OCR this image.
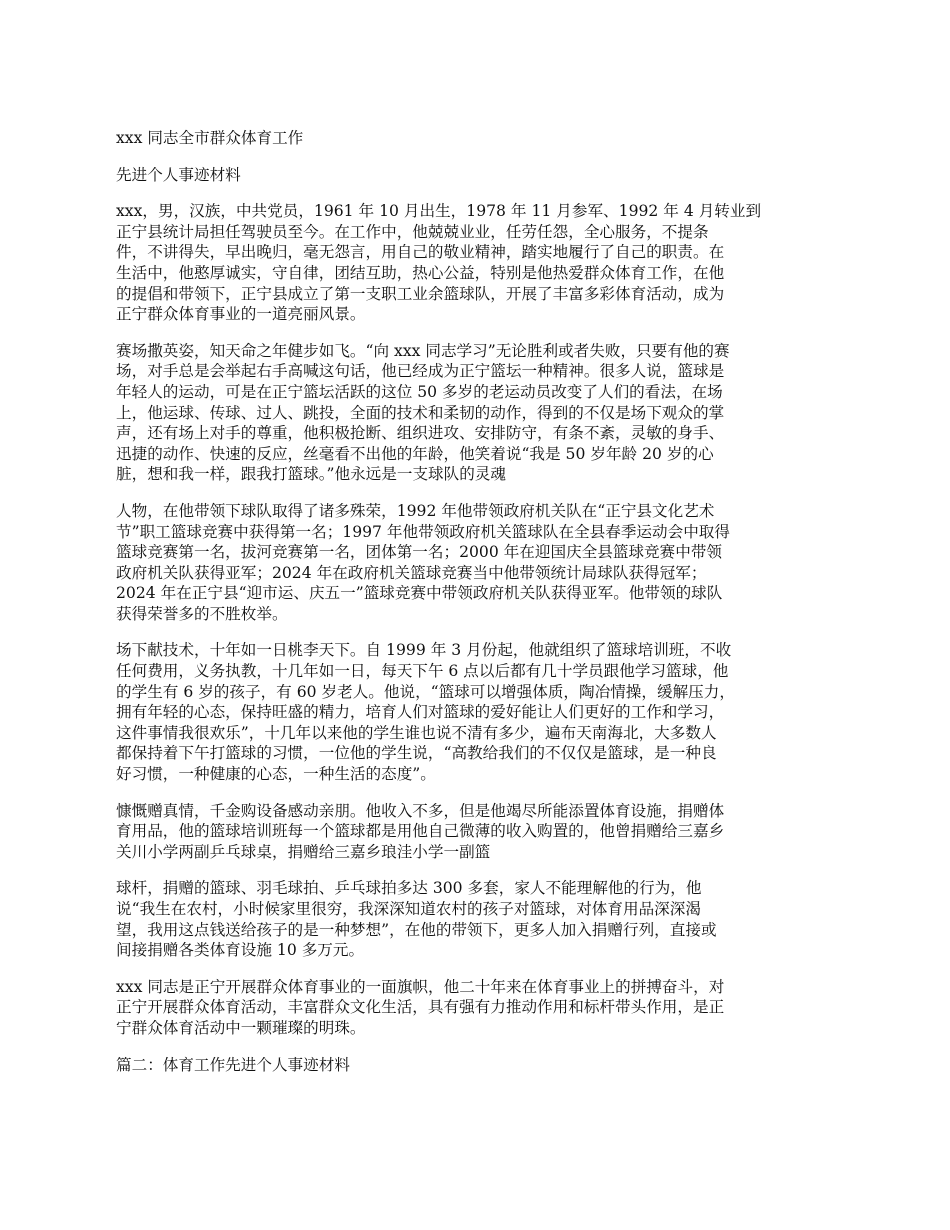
xxx 同志全市群众体育工作

先进个人事迹材料

xxx，男，汉族，中共党员，1961 年 10 月出生，1978 年 11 月参军、1992 年 4 月转业到
正宁县统计局担任驾驶员至今。在工作中，他兢兢业业，任劳任怨，全心服务，不提条
件，不讲得失，早出晚归，毫无怨言，用自己的敬业精神，踏实地履行了自己的职责。在
生活中，他憨厚诚实，守自律，团结互助，热心公益，特别是他热爱群众体育工作，在他
的提倡和带领下，正宁县成立了第一支职工业余篮球队，开展了丰富多彩体育活动，成为
正宁群众体育事业的一道亮丽风景。
赛场撒英姿，知天命之年健步如飞。“向 xxx 同志学习”无论胜利或者失败，只要有他的赛
场，对手总是会举起右手高喊这句话，他已经成为正宁篮坛一种精神。很多人说，篮球是
年轻人的运动，可是在正宁篮坛活跃的这位 50 多岁的老运动员改变了人们的看法，在场
上，他运球、传球、过人、跳投，全面的技术和柔韧的动作，得到的不仅是场下观众的掌
声，还有场上对手的尊重，他积极抢断、组织进攻、安排防守，有条不紊，灵敏的身手、
迅捷的动作、快速的反应，丝毫看不出他的年龄，他笑着说“我是 50 岁年龄 20 岁的心
脏，想和我一样，跟我打篮球。”他永远是一支球队的灵魂
人物，在他带领下球队取得了诸多殊荣，1992 年他带领政府机关队在“正宁县文化艺术
节”职工篮球竞赛中获得第一名；1997 年他带领政府机关篮球队在全县春季运动会中取得
篮球竞赛第一名，拔河竞赛第一名，团体第一名；2000 年在迎国庆全县篮球竞赛中带领
政府机关队获得亚军；2024 年在政府机关篮球竞赛当中他带领统计局球队获得冠军；
2024 年在正宁县“迎市运、庆五一”篮球竞赛中带领政府机关队获得亚军。他带领的球队
获得荣誉多的不胜枚举。
场下献技术，十年如一日桃李天下。自 1999 年 3 月份起，他就组织了篮球培训班，不收
任何费用，义务执教，十几年如一日，每天下午 6 点以后都有几十学员跟他学习篮球，他
的学生有 6 岁的孩子，有 60 岁老人。他说，“篮球可以增强体质，陶冶情操，缓解压力，
拥有年轻的心态，保持旺盛的精力，培育人们对篮球的爱好能让人们更好的工作和学习，
这件事情我很欢乐”，十几年以来他的学生谁也说不清有多少，遍布天南海北，大多数人
都保持着下午打篮球的习惯，一位他的学生说，“高教给我们的不仅仅是篮球，是一种良
好习惯，一种健康的心态，一种生活的态度”。
慷慨赠真情，千金购设备感动亲朋。他收入不多，但是他竭尽所能添置体育设施，捐赠体
育用品，他的篮球培训班每一个篮球都是用他自己微薄的收入购置的，他曾捐赠给三嘉乡
关川小学两副乒乓球桌，捐赠给三嘉乡琅洼小学一副篮
球杆，捐赠的篮球、羽毛球拍、乒乓球拍多达 300 多套，家人不能理解他的行为，他
说“我生在农村，小时候家里很穷，我深深知道农村的孩子对篮球，对体育用品深深渴
望，我用这点钱送给孩子的是一种梦想”，在他的带领下，更多人加入捐赠行列，直接或
间接捐赠各类体育设施 10 多万元。
xxx 同志是正宁开展群众体育事业的一面旗帜，他二十年来在体育事业上的拼搏奋斗，对
正宁开展群众体育活动，丰富群众文化生活，具有强有力推动作用和标杆带头作用，是正
宁群众体育活动中一颗璀璨的明珠。

篇二：体育工作先进个人事迹材料
